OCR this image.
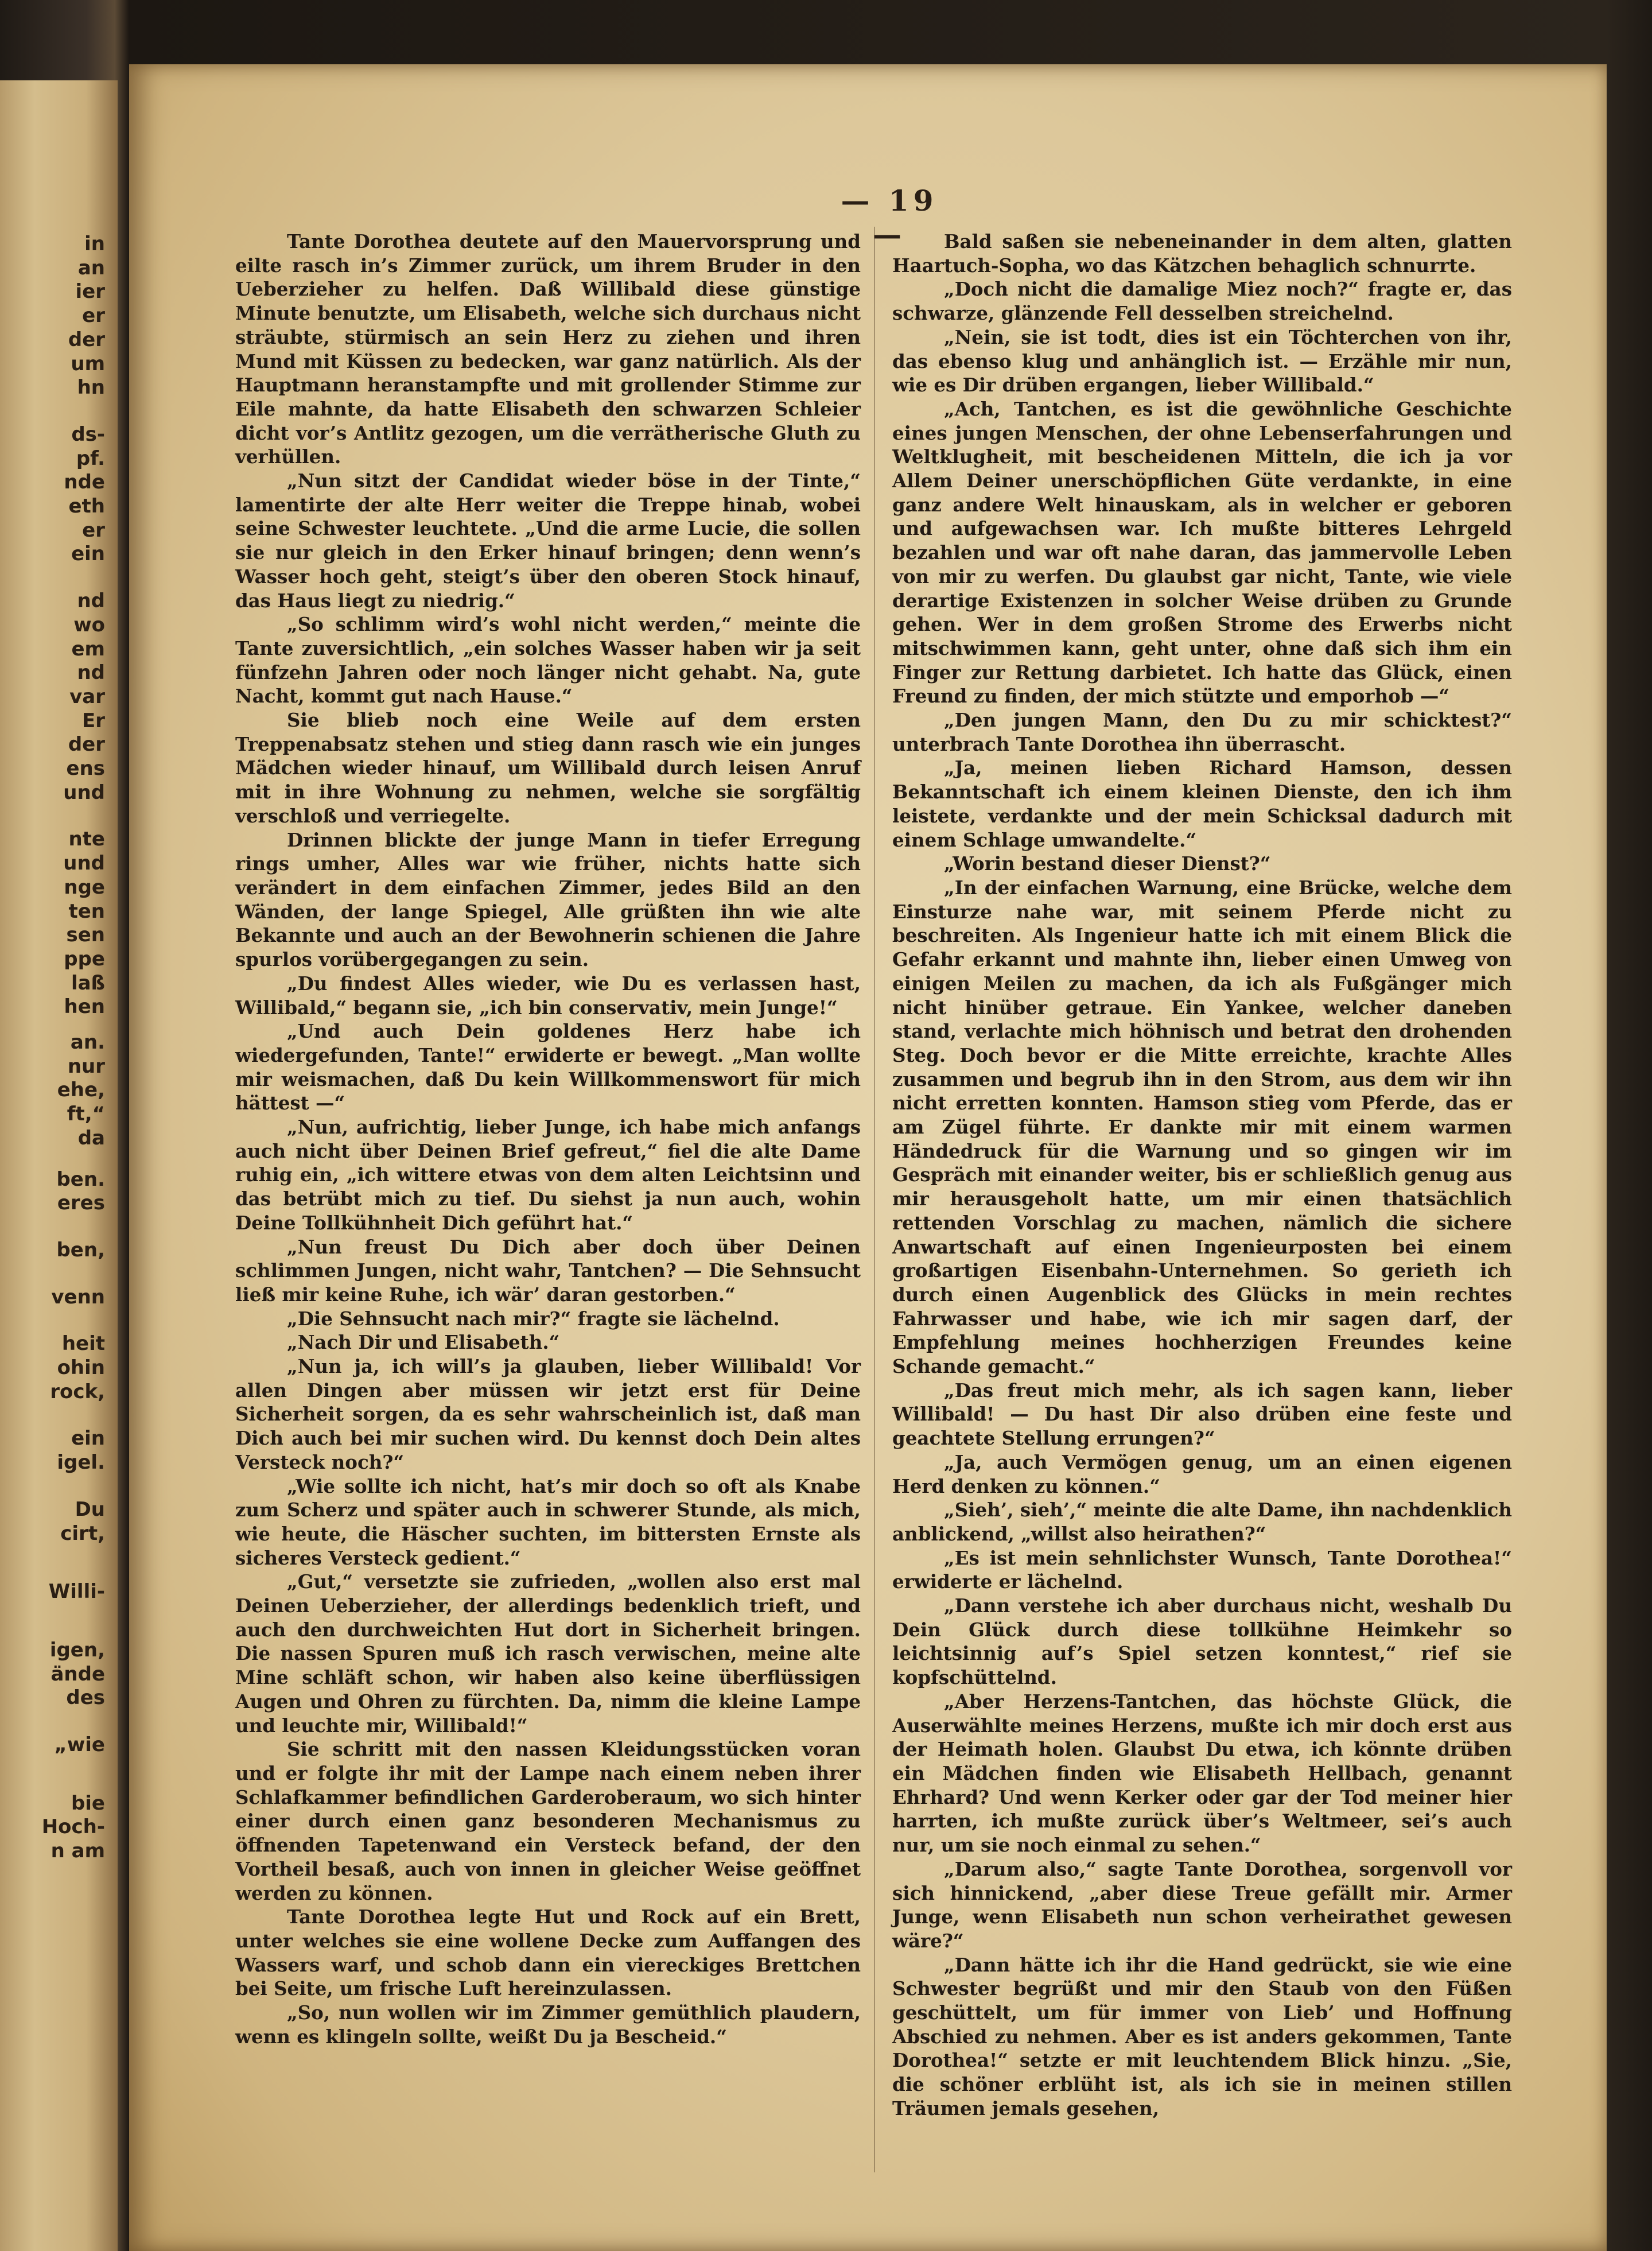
in
an
ier
er
der
um
hn
ds-
pf.
nde
eth
er
ein
nd
wo
em
nd
var
Er
der
ens
und
nte
und
nge
ten
sen
ppe
laß
hen
an.
nur
ehe,
ft,“
da
ben.
eres
ben,
venn
heit
ohin
rock,
ein
igel.
Du
cirt,
Willi-
igen,
ände
des
„wie
bie
Hoch-
n am
— 19 —

Tante Dorothea deutete auf den Mauervorsprung und eilte rasch in’s Zimmer zurück, um ihrem Bruder in den Ueberzieher zu helfen. Daß Willibald diese günstige Minute benutzte, um Elisabeth, welche sich durchaus nicht sträubte, stürmisch an sein Herz zu ziehen und ihren Mund mit Küssen zu bedecken, war ganz natürlich. Als der Hauptmann heranstampfte und mit grollender Stimme zur Eile mahnte, da hatte Elisabeth den schwarzen Schleier dicht vor’s Antlitz gezogen, um die verrätherische Gluth zu verhüllen.

„Nun sitzt der Candidat wieder böse in der Tinte,“ lamentirte der alte Herr weiter die Treppe hinab, wobei seine Schwester leuchtete. „Und die arme Lucie, die sollen sie nur gleich in den Erker hinauf bringen; denn wenn’s Wasser hoch geht, steigt’s über den oberen Stock hinauf, das Haus liegt zu niedrig.“

„So schlimm wird’s wohl nicht werden,“ meinte die Tante zuversichtlich, „ein solches Wasser haben wir ja seit fünfzehn Jahren oder noch länger nicht gehabt. Na, gute Nacht, kommt gut nach Hause.“

Sie blieb noch eine Weile auf dem ersten Treppenabsatz stehen und stieg dann rasch wie ein junges Mädchen wieder hinauf, um Willibald durch leisen Anruf mit in ihre Wohnung zu nehmen, welche sie sorgfältig verschloß und verriegelte.

Drinnen blickte der junge Mann in tiefer Erregung rings umher, Alles war wie früher, nichts hatte sich verändert in dem einfachen Zimmer, jedes Bild an den Wänden, der lange Spiegel, Alle grüßten ihn wie alte Bekannte und auch an der Bewohnerin schienen die Jahre spurlos vorübergegangen zu sein.

„Du findest Alles wieder, wie Du es verlassen hast, Willibald,“ begann sie, „ich bin conservativ, mein Junge!“

„Und auch Dein goldenes Herz habe ich wiedergefunden, Tante!“ erwiderte er bewegt. „Man wollte mir weismachen, daß Du kein Willkommenswort für mich hättest —“

„Nun, aufrichtig, lieber Junge, ich habe mich anfangs auch nicht über Deinen Brief gefreut,“ fiel die alte Dame ruhig ein, „ich wittere etwas von dem alten Leichtsinn und das betrübt mich zu tief. Du siehst ja nun auch, wohin Deine Tollkühnheit Dich geführt hat.“

„Nun freust Du Dich aber doch über Deinen schlimmen Jungen, nicht wahr, Tantchen? — Die Sehnsucht ließ mir keine Ruhe, ich wär’ daran gestorben.“

„Die Sehnsucht nach mir?“ fragte sie lächelnd.

„Nach Dir und Elisabeth.“

„Nun ja, ich will’s ja glauben, lieber Willibald! Vor allen Dingen aber müssen wir jetzt erst für Deine Sicherheit sorgen, da es sehr wahrscheinlich ist, daß man Dich auch bei mir suchen wird. Du kennst doch Dein altes Versteck noch?“

„Wie sollte ich nicht, hat’s mir doch so oft als Knabe zum Scherz und später auch in schwerer Stunde, als mich, wie heute, die Häscher suchten, im bittersten Ernste als sicheres Versteck gedient.“

„Gut,“ versetzte sie zufrieden, „wollen also erst mal Deinen Ueberzieher, der allerdings bedenklich trieft, und auch den durchweichten Hut dort in Sicherheit bringen. Die nassen Spuren muß ich rasch verwischen, meine alte Mine schläft schon, wir haben also keine überflüssigen Augen und Ohren zu fürchten. Da, nimm die kleine Lampe und leuchte mir, Willibald!“

Sie schritt mit den nassen Kleidungsstücken voran und er folgte ihr mit der Lampe nach einem neben ihrer Schlafkammer befindlichen Garderoberaum, wo sich hinter einer durch einen ganz besonderen Mechanismus zu öffnenden Tapetenwand ein Versteck befand, der den Vortheil besaß, auch von innen in gleicher Weise geöffnet werden zu können.

Tante Dorothea legte Hut und Rock auf ein Brett, unter welches sie eine wollene Decke zum Auffangen des Wassers warf, und schob dann ein viereckiges Brettchen bei Seite, um frische Luft hereinzulassen.

„So, nun wollen wir im Zimmer gemüthlich plaudern, wenn es klingeln sollte, weißt Du ja Bescheid.“

Bald saßen sie nebeneinander in dem alten, glatten Haartuch-Sopha, wo das Kätzchen behaglich schnurrte.

„Doch nicht die damalige Miez noch?“ fragte er, das schwarze, glänzende Fell desselben streichelnd.

„Nein, sie ist todt, dies ist ein Töchterchen von ihr, das ebenso klug und anhänglich ist. — Erzähle mir nun, wie es Dir drüben ergangen, lieber Willibald.“

„Ach, Tantchen, es ist die gewöhnliche Geschichte eines jungen Menschen, der ohne Lebenserfahrungen und Weltklugheit, mit bescheidenen Mitteln, die ich ja vor Allem Deiner unerschöpflichen Güte verdankte, in eine ganz andere Welt hinauskam, als in welcher er geboren und aufgewachsen war. Ich mußte bitteres Lehrgeld bezahlen und war oft nahe daran, das jammervolle Leben von mir zu werfen. Du glaubst gar nicht, Tante, wie viele derartige Existenzen in solcher Weise drüben zu Grunde gehen. Wer in dem großen Strome des Erwerbs nicht mitschwimmen kann, geht unter, ohne daß sich ihm ein Finger zur Rettung darbietet. Ich hatte das Glück, einen Freund zu finden, der mich stützte und emporhob —“

„Den jungen Mann, den Du zu mir schicktest?“ unterbrach Tante Dorothea ihn überrascht.

„Ja, meinen lieben Richard Hamson, dessen Bekanntschaft ich einem kleinen Dienste, den ich ihm leistete, verdankte und der mein Schicksal dadurch mit einem Schlage umwandelte.“

„Worin bestand dieser Dienst?“

„In der einfachen Warnung, eine Brücke, welche dem Einsturze nahe war, mit seinem Pferde nicht zu beschreiten. Als Ingenieur hatte ich mit einem Blick die Gefahr erkannt und mahnte ihn, lieber einen Umweg von einigen Meilen zu machen, da ich als Fußgänger mich nicht hinüber getraue. Ein Yankee, welcher daneben stand, verlachte mich höhnisch und betrat den drohenden Steg. Doch bevor er die Mitte erreichte, krachte Alles zusammen und begrub ihn in den Strom, aus dem wir ihn nicht erretten konnten. Hamson stieg vom Pferde, das er am Zügel führte. Er dankte mir mit einem warmen Händedruck für die Warnung und so gingen wir im Gespräch mit einander weiter, bis er schließlich genug aus mir herausgeholt hatte, um mir einen thatsächlich rettenden Vorschlag zu machen, nämlich die sichere Anwartschaft auf einen Ingenieurposten bei einem großartigen Eisenbahn-Unternehmen. So gerieth ich durch einen Augenblick des Glücks in mein rechtes Fahrwasser und habe, wie ich mir sagen darf, der Empfehlung meines hochherzigen Freundes keine Schande gemacht.“

„Das freut mich mehr, als ich sagen kann, lieber Willibald! — Du hast Dir also drüben eine feste und geachtete Stellung errungen?“

„Ja, auch Vermögen genug, um an einen eigenen Herd denken zu können.“

„Sieh’, sieh’,“ meinte die alte Dame, ihn nachdenklich anblickend, „willst also heirathen?“

„Es ist mein sehnlichster Wunsch, Tante Dorothea!“ erwiderte er lächelnd.

„Dann verstehe ich aber durchaus nicht, weshalb Du Dein Glück durch diese tollkühne Heimkehr so leichtsinnig auf’s Spiel setzen konntest,“ rief sie kopfschüttelnd.

„Aber Herzens-Tantchen, das höchste Glück, die Auserwählte meines Herzens, mußte ich mir doch erst aus der Heimath holen. Glaubst Du etwa, ich könnte drüben ein Mädchen finden wie Elisabeth Hellbach, genannt Ehrhard? Und wenn Kerker oder gar der Tod meiner hier harrten, ich mußte zurück über’s Weltmeer, sei’s auch nur, um sie noch einmal zu sehen.“

„Darum also,“ sagte Tante Dorothea, sorgenvoll vor sich hinnickend, „aber diese Treue gefällt mir. Armer Junge, wenn Elisabeth nun schon verheirathet gewesen wäre?“

„Dann hätte ich ihr die Hand gedrückt, sie wie eine Schwester begrüßt und mir den Staub von den Füßen geschüttelt, um für immer von Lieb’ und Hoffnung Abschied zu nehmen. Aber es ist anders gekommen, Tante Dorothea!“ setzte er mit leuchtendem Blick hinzu. „Sie, die schöner erblüht ist, als ich sie in meinen stillen Träumen jemals gesehen,
